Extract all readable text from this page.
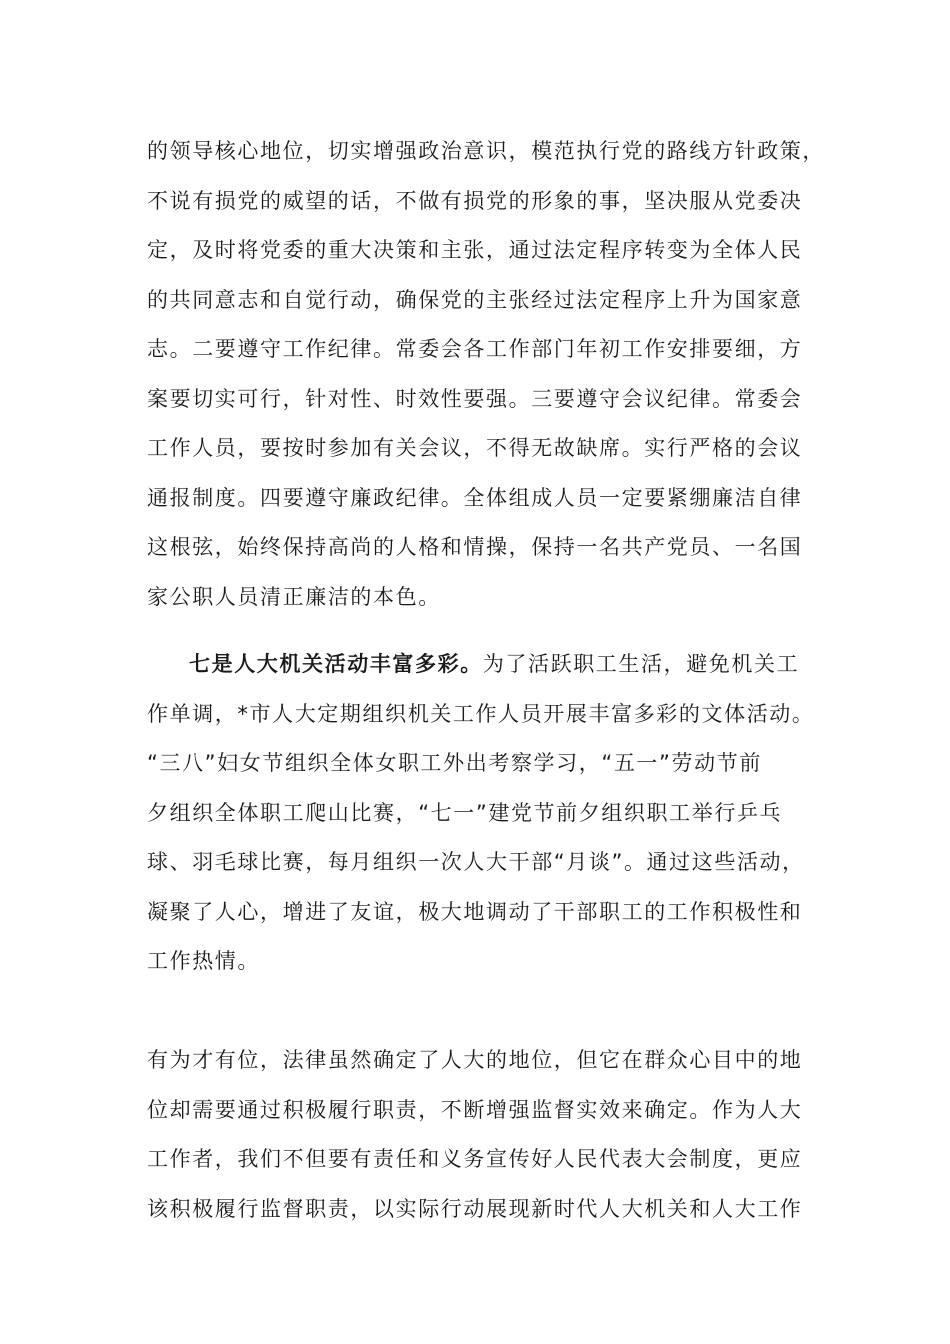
的领导核心地位，切实增强政治意识，模范执行党的路线方针政策，
不说有损党的威望的话，不做有损党的形象的事，坚决服从党委决
定，及时将党委的重大决策和主张，通过法定程序转变为全体人民
的共同意志和自觉行动，确保党的主张经过法定程序上升为国家意
志。二要遵守工作纪律。常委会各工作部门年初工作安排要细，方
案要切实可行，针对性、时效性要强。三要遵守会议纪律。常委会
工作人员，要按时参加有关会议，不得无故缺席。实行严格的会议
通报制度。四要遵守廉政纪律。全体组成人员一定要紧绷廉洁自律
这根弦，始终保持高尚的人格和情操，保持一名共产党员、一名国
家公职人员清正廉洁的本色。
七是人大机关活动丰富多彩。为了活跃职工生活，避免机关工
作单调，*市人大定期组织机关工作人员开展丰富多彩的文体活动。
“三八”妇女节组织全体女职工外出考察学习，“五一”劳动节前
夕组织全体职工爬山比赛，“七一”建党节前夕组织职工举行乒乓
球、羽毛球比赛，每月组织一次人大干部“月谈”。通过这些活动，
凝聚了人心，增进了友谊，极大地调动了干部职工的工作积极性和
工作热情。
有为才有位，法律虽然确定了人大的地位，但它在群众心目中的地
位却需要通过积极履行职责，不断增强监督实效来确定。作为人大
工作者，我们不但要有责任和义务宣传好人民代表大会制度，更应
该积极履行监督职责，以实际行动展现新时代人大机关和人大工作
